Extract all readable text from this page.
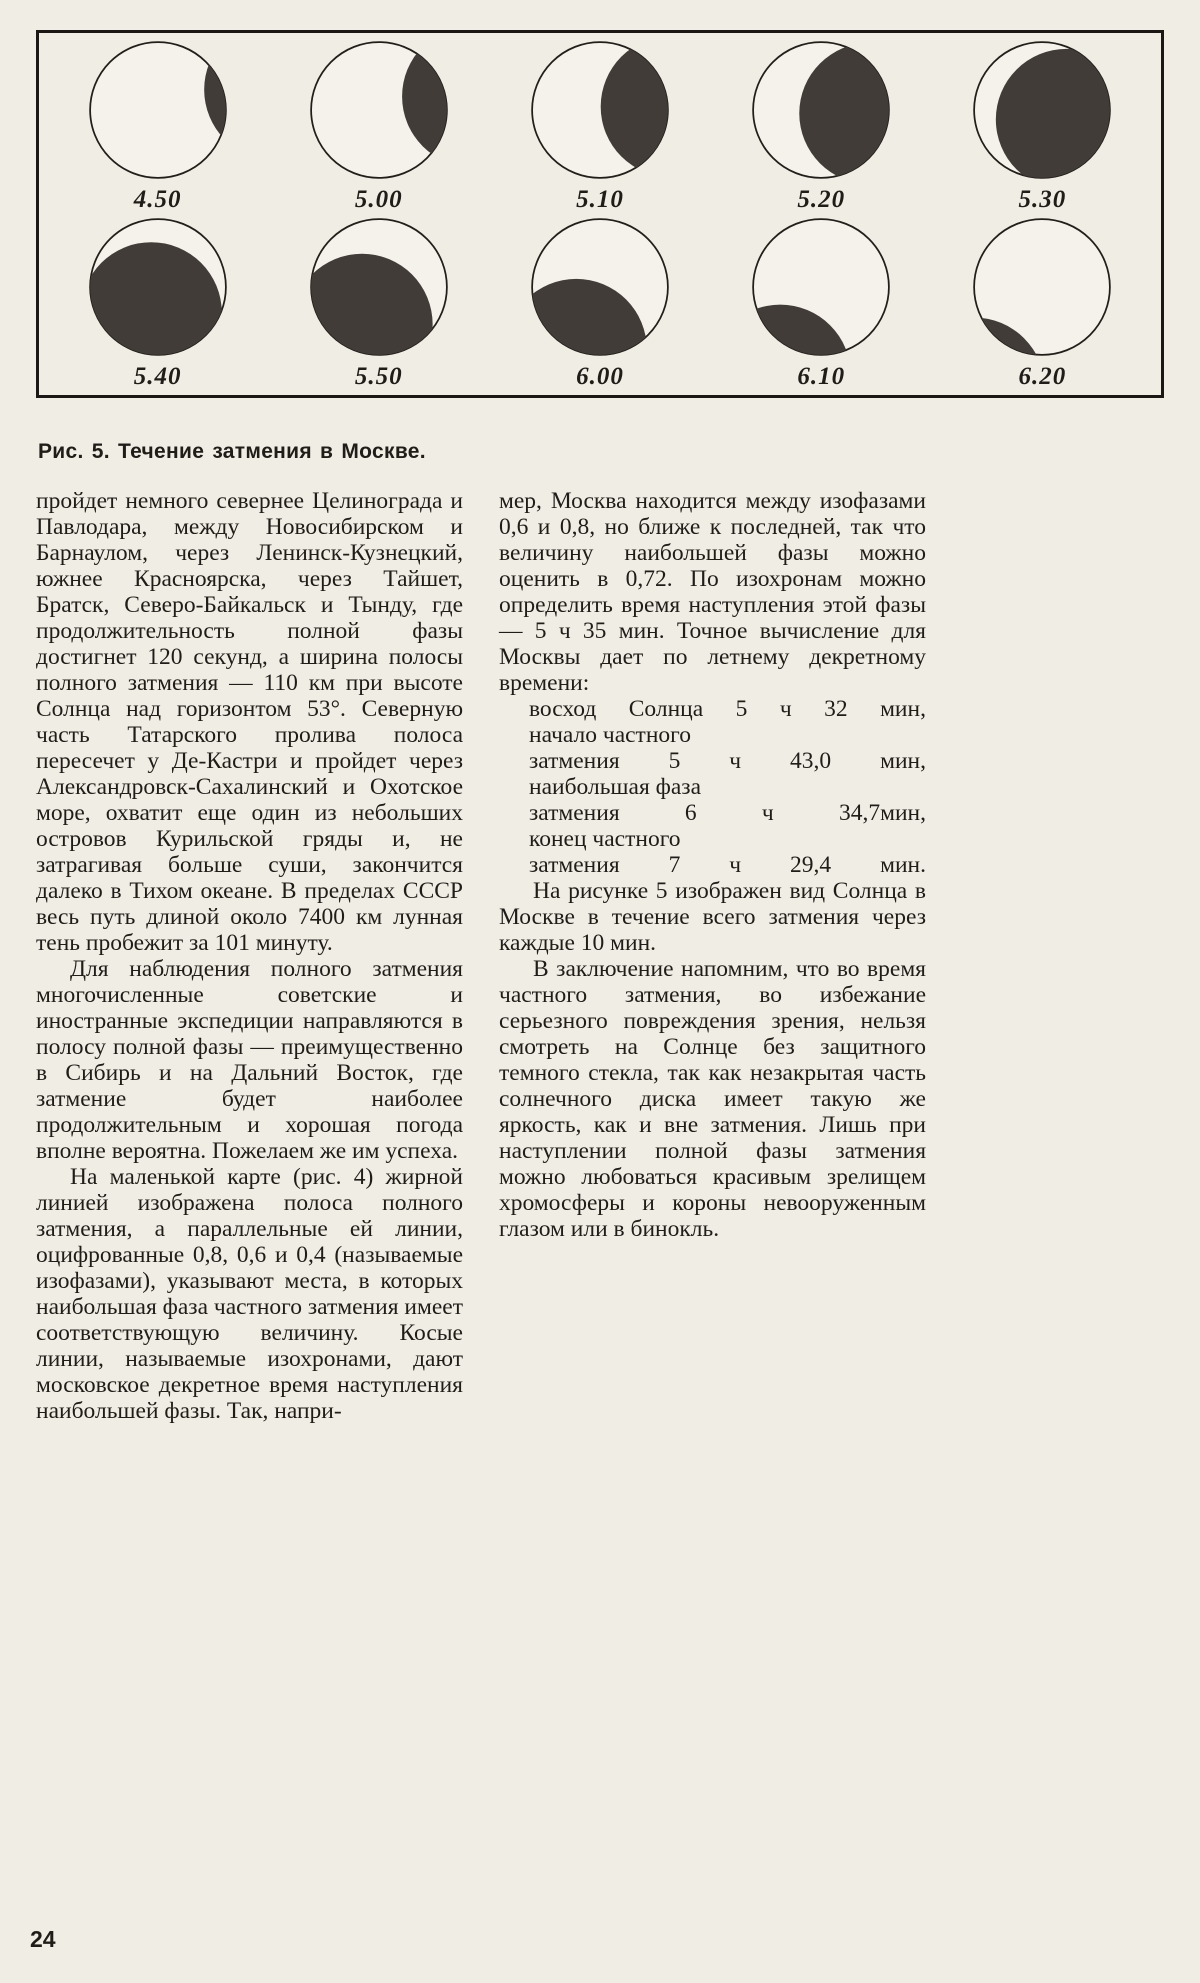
4.50	5.00	5.10	5.20	5.30
5.40	5.50	6.00	6.10	6.20
Рис. 5. Течение затмения в Москве.

пройдет немного севернее Целинограда и Павлодара, между Новосибирском и Барнаулом, через Ленинск-Кузнецкий, южнее Красноярска, через Тайшет, Братск, Северо-Байкальск и Тынду, где продолжительность полной фазы достигнет 120 секунд, а ширина полосы полного затмения — 110 км при высоте Солнца над горизонтом 53°. Северную часть Татарского пролива полоса пересечет у Де-Кастри и пройдет через Александровск-Сахалинский и Охотское море, охватит еще один из небольших островов Курильской гряды и, не затрагивая больше суши, закончится далеко в Тихом океане. В пределах СССР весь путь длиной около 7400 км лунная тень пробежит за 101 минуту.

Для наблюдения полного затмения многочисленные советские и иностранные экспедиции направляются в полосу полной фазы — преимущественно в Сибирь и на Дальний Восток, где затмение будет наиболее продолжительным и хорошая погода вполне вероятна. Пожелаем же им успеха.

На маленькой карте (рис. 4) жирной линией изображена полоса полного затмения, а параллельные ей линии, оцифрованные 0,8, 0,6 и 0,4 (называемые изофазами), указывают места, в которых наибольшая фаза частного затмения имеет соответствующую величину. Косые линии, называемые изохронами, дают московское декретное время наступления наибольшей фазы. Так, напри-

мер, Москва находится между изофазами 0,6 и 0,8, но ближе к последней, так что величину наибольшей фазы можно оценить в 0,72. По изохронам можно определить время наступления этой фазы — 5 ч 35 мин. Точное вычисление для Москвы дает по летнему декретному времени:

восход Солнца 5 ч 32 мин,
начало частного
затмения 5 ч 43,0 мин,
наибольшая фаза
затмения	6	ч	34,7мин,
конец частного
затмения 7 ч 29,4 мин.

На рисунке 5 изображен вид Солнца в Москве в течение всего затмения через каждые 10 мин.

В заключение напомним, что во время частного затмения, во избежание серьезного повреждения зрения, нельзя смотреть на Солнце без защитного темного стекла, так как незакрытая часть солнечного диска имеет такую же яркость, как и вне затмения. Лишь при наступлении полной фазы затмения можно любоваться красивым зрелищем хромосферы и короны невооруженным глазом или в бинокль.

24
